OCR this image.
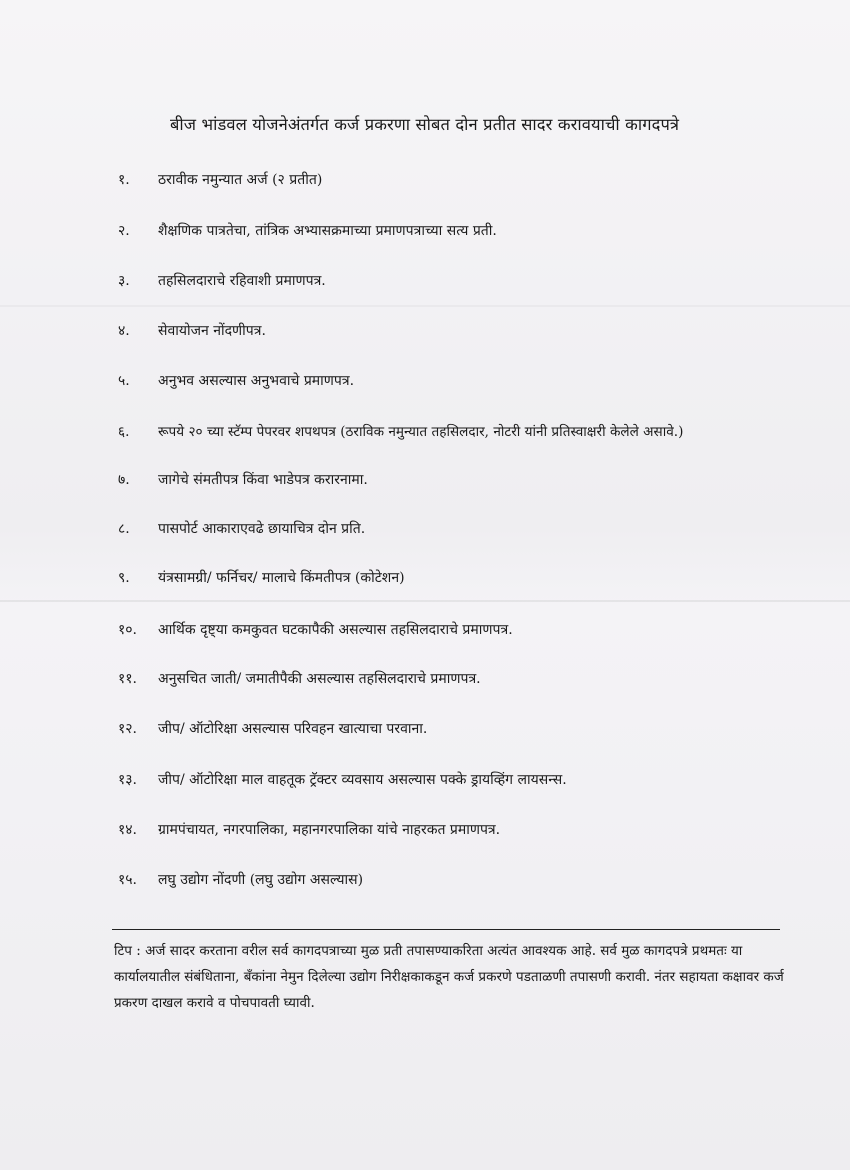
बीज भांडवल योजनेअंतर्गत कर्ज प्रकरणा सोबत दोन प्रतीत सादर करावयाची कागदपत्रे
१. ठरावीक नमुन्यात अर्ज (२ प्रतीत)
२. शैक्षणिक पात्रतेचा, तांत्रिक अभ्यासक्रमाच्या प्रमाणपत्राच्या सत्य प्रती.
३. तहसिलदाराचे रहिवाशी प्रमाणपत्र.
४. सेवायोजन नोंदणीपत्र.
५. अनुभव असल्यास अनुभवाचे प्रमाणपत्र.
६. रूपये २० च्या स्टॅम्प पेपरवर शपथपत्र (ठराविक नमुन्यात तहसिलदार, नोटरी यांनी प्रतिस्वाक्षरी केलेले असावे.)
७. जागेचे संमतीपत्र किंवा भाडेपत्र करारनामा.
८. पासपोर्ट आकाराएवढे छायाचित्र दोन प्रति.
९. यंत्रसामग्री/ फर्निचर/ मालाचे किंमतीपत्र (कोटेशन)
१०. आर्थिक दृष्ट्या कमकुवत घटकापैकी असल्यास तहसिलदाराचे प्रमाणपत्र.
११. अनुसचित जाती/ जमातीपैकी असल्यास तहसिलदाराचे प्रमाणपत्र.
१२. जीप/ ऑटोरिक्षा असल्यास परिवहन खात्याचा परवाना.
१३. जीप/ ऑटोरिक्षा माल वाहतूक ट्रॅक्टर व्यवसाय असल्यास पक्के ड्रायव्हिंग लायसन्स.
१४. ग्रामपंचायत, नगरपालिका, महानगरपालिका यांचे नाहरकत प्रमाणपत्र.
१५. लघु उद्योग नोंदणी (लघु उद्योग असल्यास)

टिप : अर्ज सादर करताना वरील सर्व कागदपत्राच्या मुळ प्रती तपासण्याकरिता अत्यंत आवश्यक आहे. सर्व मुळ कागदपत्रे प्रथमतः या कार्यालयातील संबंधिताना, बँकांना नेमुन दिलेल्या उद्योग निरीक्षकाकडून कर्ज प्रकरणे पडताळणी तपासणी करावी. नंतर सहायता कक्षावर कर्ज प्रकरण दाखल करावे व पोचपावती घ्यावी.
